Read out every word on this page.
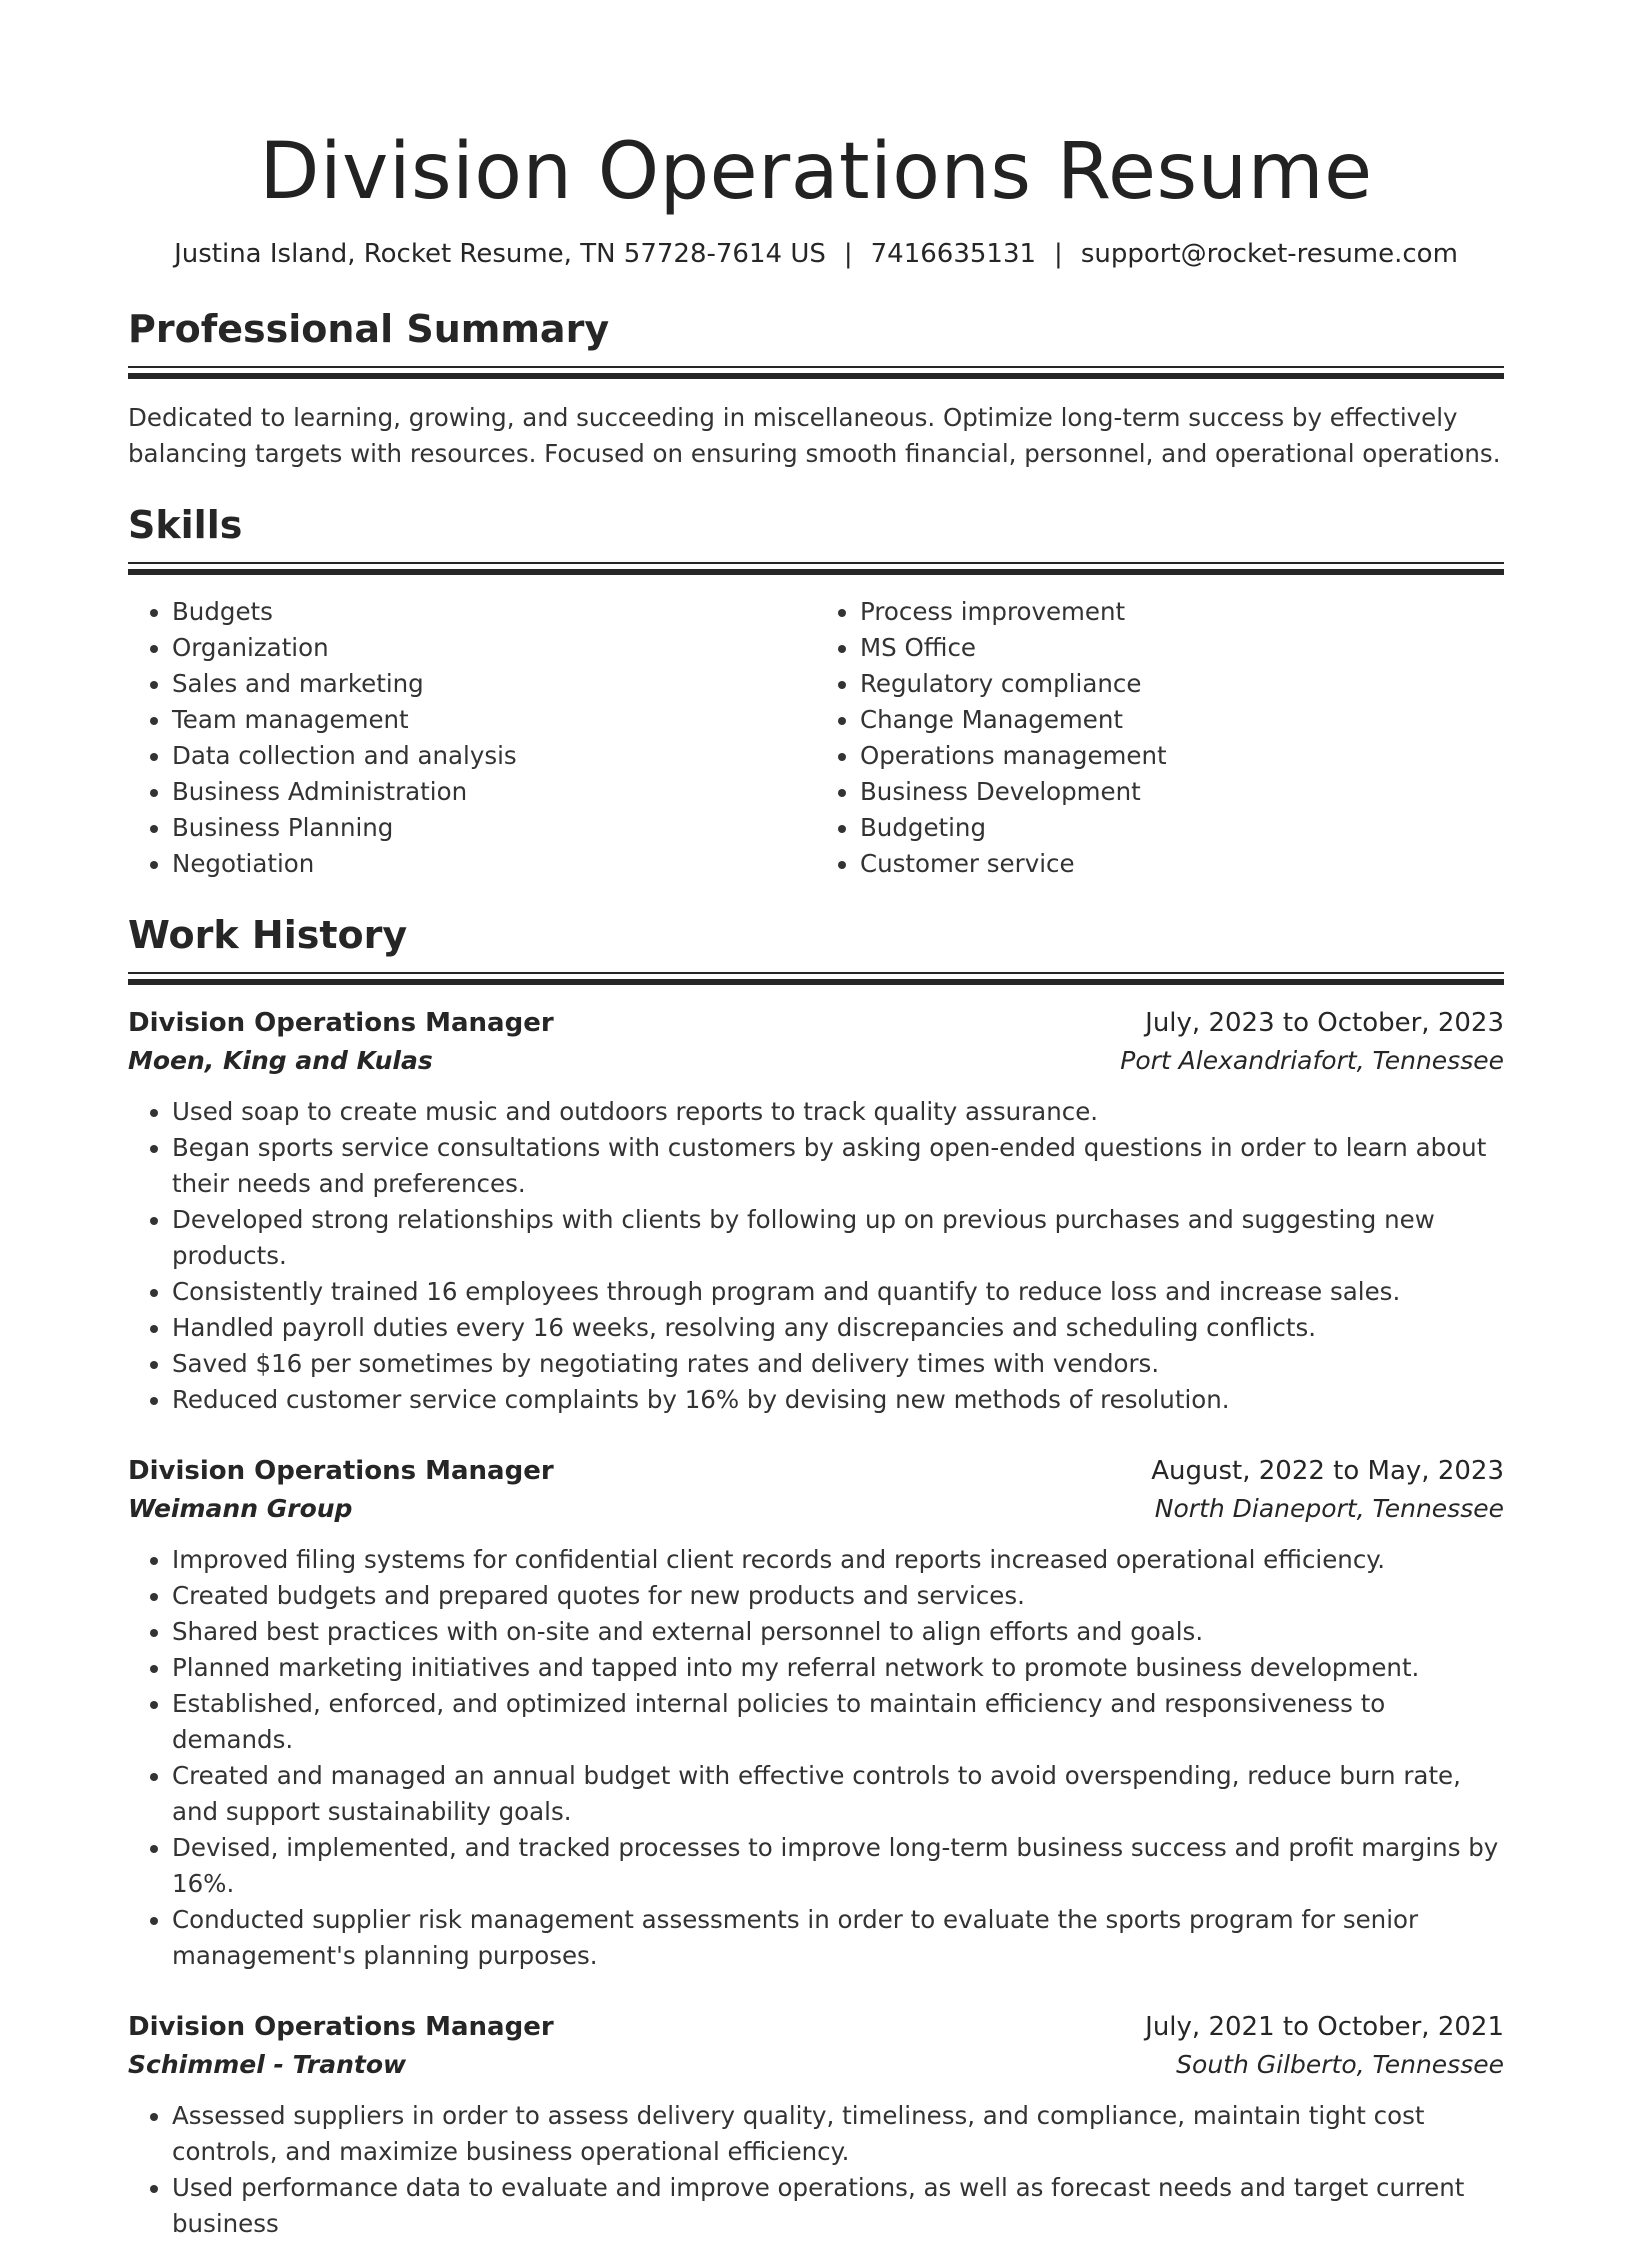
Division Operations Resume
Justina Island, Rocket Resume, TN 57728-7614 US | 7416635131 | support@rocket-resume.com
Professional Summary

Dedicated to learning, growing, and succeeding in miscellaneous. Optimize long-term success by effectively balancing targets with resources. Focused on ensuring smooth financial, personnel, and operational operations.

Skills
• Budgets
• Organization
• Sales and marketing
• Team management
• Data collection and analysis
• Business Administration
• Business Planning
• Negotiation
• Process improvement
• MS Office
• Regulatory compliance
• Change Management
• Operations management
• Business Development
• Budgeting
• Customer service
Work History
Division Operations Manager	July, 2023 to October, 2023
Moen, King and Kulas	Port Alexandriafort, Tennessee
• Used soap to create music and outdoors reports to track quality assurance.
• Began sports service consultations with customers by asking open-ended questions in order to learn about their needs and preferences.
• Developed strong relationships with clients by following up on previous purchases and suggesting new products.
• Consistently trained 16 employees through program and quantify to reduce loss and increase sales.
• Handled payroll duties every 16 weeks, resolving any discrepancies and scheduling conflicts.
• Saved $16 per sometimes by negotiating rates and delivery times with vendors.
• Reduced customer service complaints by 16% by devising new methods of resolution.
Division Operations Manager	August, 2022 to May, 2023
Weimann Group	North Dianeport, Tennessee
• Improved filing systems for confidential client records and reports increased operational efficiency.
• Created budgets and prepared quotes for new products and services.
• Shared best practices with on-site and external personnel to align efforts and goals.
• Planned marketing initiatives and tapped into my referral network to promote business development.
• Established, enforced, and optimized internal policies to maintain efficiency and responsiveness to demands.
• Created and managed an annual budget with effective controls to avoid overspending, reduce burn rate, and support sustainability goals.
• Devised, implemented, and tracked processes to improve long-term business success and profit margins by 16%.
• Conducted supplier risk management assessments in order to evaluate the sports program for senior management's planning purposes.
Division Operations Manager	July, 2021 to October, 2021
Schimmel - Trantow	South Gilberto, Tennessee
• Assessed suppliers in order to assess delivery quality, timeliness, and compliance, maintain tight cost controls, and maximize business operational efficiency.
• Used performance data to evaluate and improve operations, as well as forecast needs and target current business
